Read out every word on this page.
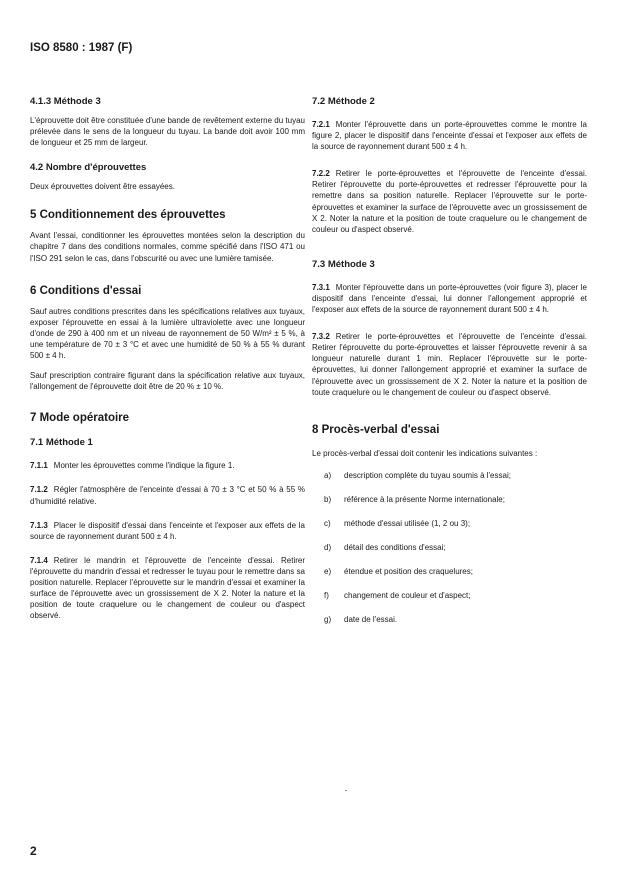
ISO 8580 : 1987 (F)
4.1.3 Méthode 3

L'éprouvette doit être constituée d'une bande de revêtement externe du tuyau prélevée dans le sens de la longueur du tuyau. La bande doit avoir 100 mm de longueur et 25 mm de largeur.

4.2 Nombre d'éprouvettes

Deux éprouvettes doivent être essayées.

5 Conditionnement des éprouvettes

Avant l'essai, conditionner les éprouvettes montées selon la description du chapitre 7 dans des conditions normales, comme spécifié dans l'ISO 471 ou l'ISO 291 selon le cas, dans l'obscurité ou avec une lumière tamisée.

6 Conditions d'essai

Sauf autres conditions prescrites dans les spécifications relatives aux tuyaux, exposer l'éprouvette en essai à la lumière ultraviolette avec une longueur d'onde de 290 à 400 nm et un niveau de rayonnement de 50 W/m² ± 5 %, à une température de 70 ± 3 °C et avec une humidité de 50 % à 55 % durant 500 ± 4 h.

Sauf prescription contraire figurant dans la spécification relative aux tuyaux, l'allongement de l'éprouvette doit être de 20 % ± 10 %.

7 Mode opératoire
7.1 Méthode 1

7.1.1 Monter les éprouvettes comme l'indique la figure 1.

7.1.2 Régler l'atmosphère de l'enceinte d'essai à 70 ± 3 °C et 50 % à 55 % d'humidité relative.

7.1.3 Placer le dispositif d'essai dans l'enceinte et l'exposer aux effets de la source de rayonnement durant 500 ± 4 h.

7.1.4 Retirer le mandrin et l'éprouvette de l'enceinte d'essai. Retirer l'éprouvette du mandrin d'essai et redresser le tuyau pour le remettre dans sa position naturelle. Replacer l'éprouvette sur le mandrin d'essai et examiner la surface de l'éprouvette avec un grossissement de X 2. Noter la nature et la position de toute craquelure ou le changement de couleur ou d'aspect observé.

7.2 Méthode 2

7.2.1 Monter l'éprouvette dans un porte-éprouvettes comme le montre la figure 2, placer le dispositif dans l'enceinte d'essai et l'exposer aux effets de la source de rayonnement durant 500 ± 4 h.

7.2.2 Retirer le porte-éprouvettes et l'éprouvette de l'enceinte d'essai. Retirer l'éprouvette du porte-éprouvettes et redresser l'éprouvette pour la remettre dans sa position naturelle. Replacer l'éprouvette sur le porte-éprouvettes et examiner la surface de l'éprouvette avec un grossissement de X 2. Noter la nature et la position de toute craquelure ou le changement de couleur ou d'aspect observé.

7.3 Méthode 3

7.3.1 Monter l'éprouvette dans un porte-éprouvettes (voir figure 3), placer le dispositif dans l'enceinte d'essai, lui donner l'allongement approprié et l'exposer aux effets de la source de rayonnement durant 500 ± 4 h.

7.3.2 Retirer le porte-éprouvettes et l'éprouvette de l'enceinte d'essai. Retirer l'éprouvette du porte-éprouvettes et laisser l'éprouvette revenir à sa longueur naturelle durant 1 min. Replacer l'éprouvette sur le porte-éprouvettes, lui donner l'allongement approprié et examiner la surface de l'éprouvette avec un grossissement de X 2. Noter la nature et la position de toute craquelure ou le changement de couleur ou d'aspect observé.

8 Procès-verbal d'essai

Le procès-verbal d'essai doit contenir les indications suivantes :

a)	description complète du tuyau soumis à l'essai;
b)	référence à la présente Norme internationale;
c)	méthode d'essai utilisée (1, 2 ou 3);
d)	détail des conditions d'essai;
e)	étendue et position des craquelures;
f)	changement de couleur et d'aspect;
g)	date de l'essai.
2
